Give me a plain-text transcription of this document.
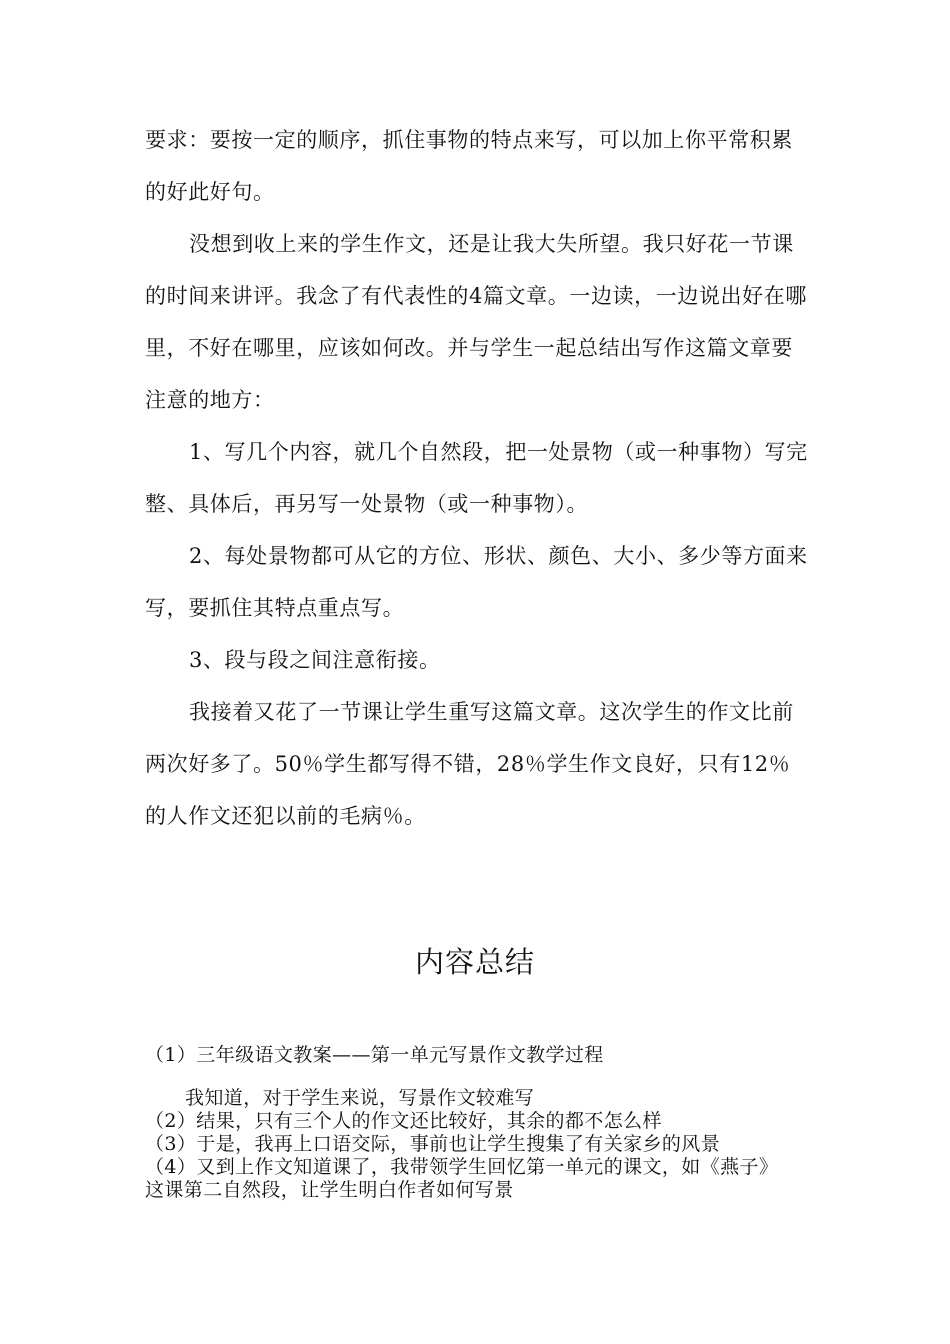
要求：要按一定的顺序，抓住事物的特点来写，可以加上你平常积累的好此好句。

没想到收上来的学生作文，还是让我大失所望。我只好花一节课的时间来讲评。我念了有代表性的4篇文章。一边读，一边说出好在哪里，不好在哪里，应该如何改。并与学生一起总结出写作这篇文章要注意的地方：

1、写几个内容，就几个自然段，把一处景物（或一种事物）写完整、具体后，再另写一处景物（或一种事物）。

2、每处景物都可从它的方位、形状、颜色、大小、多少等方面来写，要抓住其特点重点写。

3、段与段之间注意衔接。

我接着又花了一节课让学生重写这篇文章。这次学生的作文比前两次好多了。50％学生都写得不错，28％学生作文良好，只有12％的人作文还犯以前的毛病％。

内容总结

（1）三年级语文教案——第一单元写景作文教学过程

我知道，对于学生来说，写景作文较难写

（2）结果，只有三个人的作文还比较好，其余的都不怎么样

（3）于是，我再上口语交际，事前也让学生搜集了有关家乡的风景

（4）又到上作文知道课了，我带领学生回忆第一单元的课文，如《燕子》这课第二自然段，让学生明白作者如何写景
